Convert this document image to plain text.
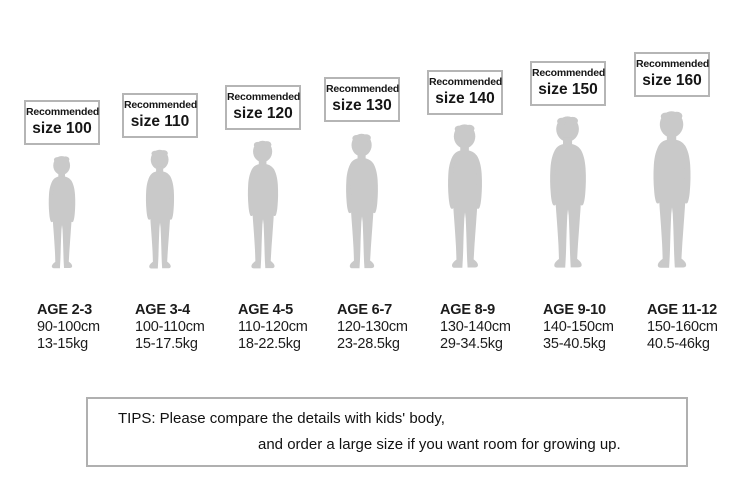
Recommended
size 100
AGE 2-3
90-100cm
13-15kg
Recommended
size 110
AGE 3-4
100-110cm
15-17.5kg
Recommended
size 120
AGE 4-5
110-120cm
18-22.5kg
Recommended
size 130
AGE 6-7
120-130cm
23-28.5kg
Recommended
size 140
AGE 8-9
130-140cm
29-34.5kg
Recommended
size 150
AGE 9-10
140-150cm
35-40.5kg
Recommended
size 160
AGE 11-12
150-160cm
40.5-46kg
TIPS: Please compare the details with kids' body,
and order a large size if you want room for growing up.
